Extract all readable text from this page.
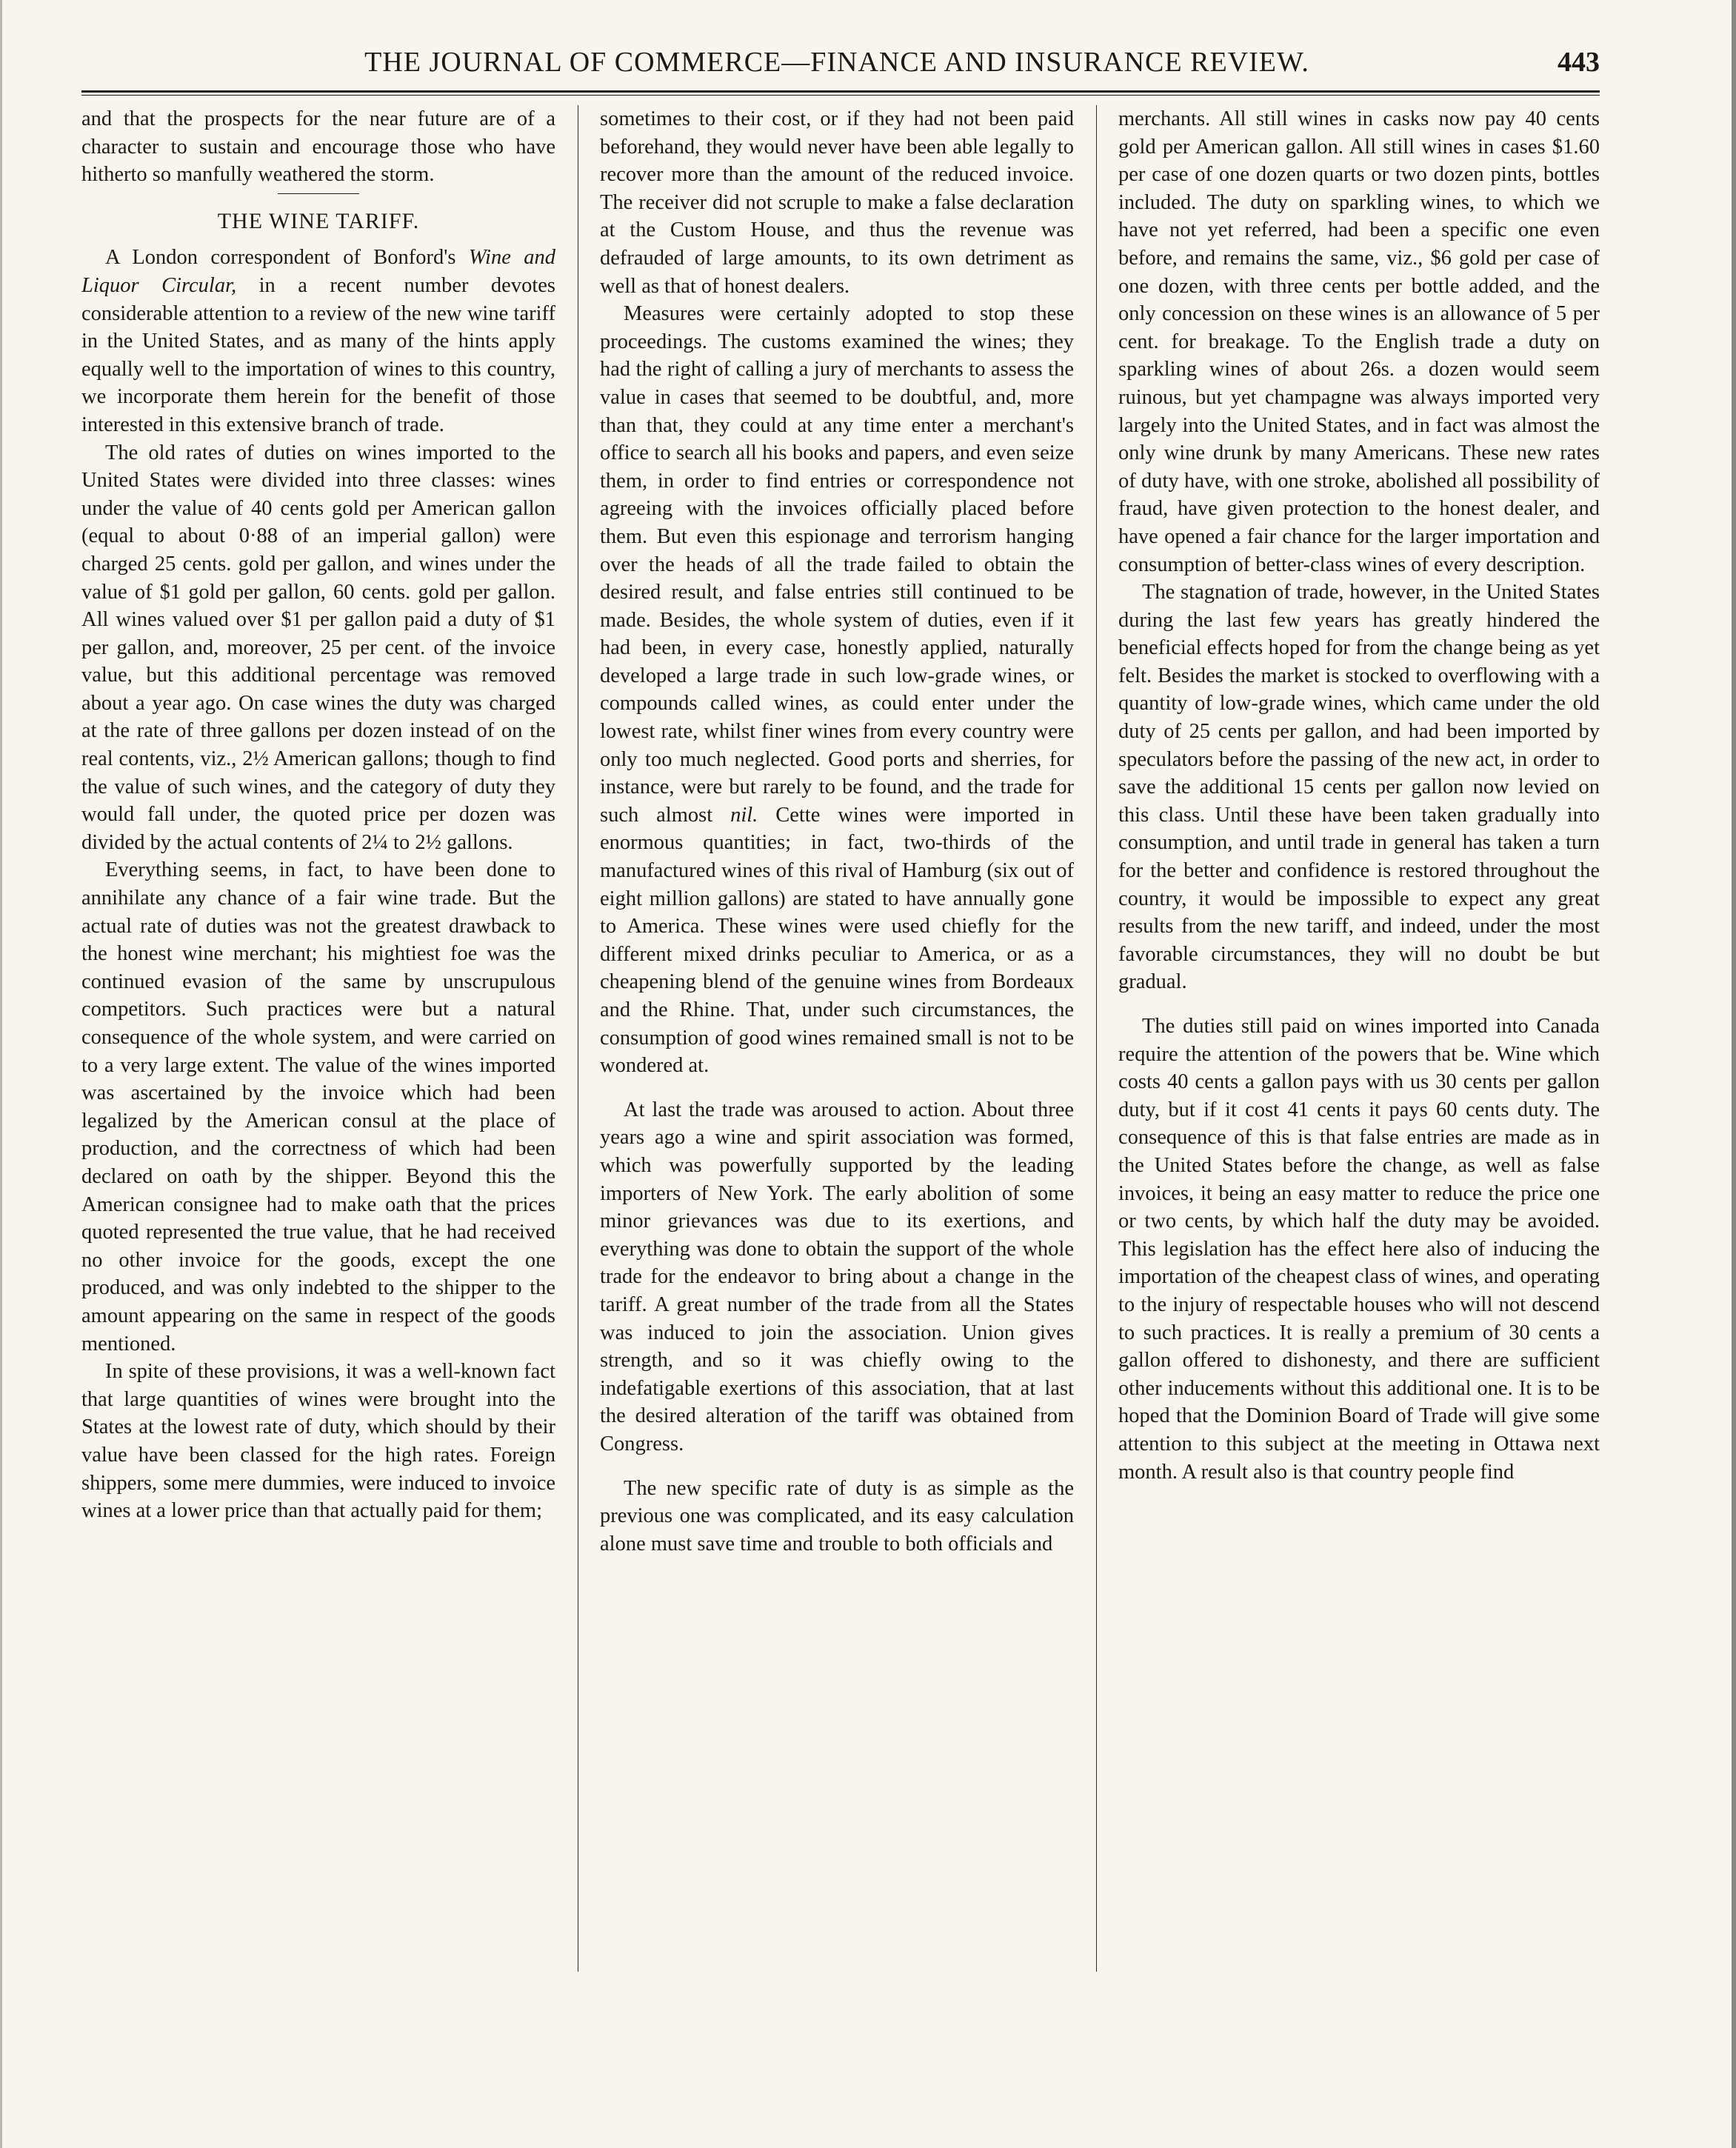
THE JOURNAL OF COMMERCE—FINANCE AND INSURANCE REVIEW.	443

and that the prospects for the near future are of a character to sustain and encourage those who have hitherto so manfully weathered the storm.

THE WINE TARIFF.

A London correspondent of Bonford's Wine and Liquor Circular, in a recent number devotes considerable attention to a review of the new wine tariff in the United States, and as many of the hints apply equally well to the importation of wines to this country, we incorporate them herein for the benefit of those interested in this extensive branch of trade.

The old rates of duties on wines imported to the United States were divided into three classes: wines under the value of 40 cents gold per American gallon (equal to about 0·88 of an imperial gallon) were charged 25 cents. gold per gallon, and wines under the value of $1 gold per gallon, 60 cents. gold per gallon. All wines valued over $1 per gallon paid a duty of $1 per gallon, and, moreover, 25 per cent. of the invoice value, but this additional percentage was removed about a year ago. On case wines the duty was charged at the rate of three gallons per dozen instead of on the real contents, viz., 2½ American gallons; though to find the value of such wines, and the category of duty they would fall under, the quoted price per dozen was divided by the actual contents of 2¼ to 2½ gallons.

Everything seems, in fact, to have been done to annihilate any chance of a fair wine trade. But the actual rate of duties was not the greatest drawback to the honest wine merchant; his mightiest foe was the continued evasion of the same by unscrupulous competitors. Such practices were but a natural consequence of the whole system, and were carried on to a very large extent. The value of the wines imported was ascertained by the invoice which had been legalized by the American consul at the place of production, and the correctness of which had been declared on oath by the shipper. Beyond this the American consignee had to make oath that the prices quoted represented the true value, that he had received no other invoice for the goods, except the one produced, and was only indebted to the shipper to the amount appearing on the same in respect of the goods mentioned.

In spite of these provisions, it was a well-known fact that large quantities of wines were brought into the States at the lowest rate of duty, which should by their value have been classed for the high rates. Foreign shippers, some mere dummies, were induced to invoice wines at a lower price than that actually paid for them;

sometimes to their cost, or if they had not been paid beforehand, they would never have been able legally to recover more than the amount of the reduced invoice. The receiver did not scruple to make a false declaration at the Custom House, and thus the revenue was defrauded of large amounts, to its own detriment as well as that of honest dealers.

Measures were certainly adopted to stop these proceedings. The customs examined the wines; they had the right of calling a jury of merchants to assess the value in cases that seemed to be doubtful, and, more than that, they could at any time enter a merchant's office to search all his books and papers, and even seize them, in order to find entries or correspondence not agreeing with the invoices officially placed before them. But even this espionage and terrorism hanging over the heads of all the trade failed to obtain the desired result, and false entries still continued to be made. Besides, the whole system of duties, even if it had been, in every case, honestly applied, naturally developed a large trade in such low-grade wines, or compounds called wines, as could enter under the lowest rate, whilst finer wines from every country were only too much neglected. Good ports and sherries, for instance, were but rarely to be found, and the trade for such almost nil. Cette wines were imported in enormous quantities; in fact, two-thirds of the manufactured wines of this rival of Hamburg (six out of eight million gallons) are stated to have annually gone to America. These wines were used chiefly for the different mixed drinks peculiar to America, or as a cheapening blend of the genuine wines from Bordeaux and the Rhine. That, under such circumstances, the consumption of good wines remained small is not to be wondered at.

At last the trade was aroused to action. About three years ago a wine and spirit association was formed, which was powerfully supported by the leading importers of New York. The early abolition of some minor grievances was due to its exertions, and everything was done to obtain the support of the whole trade for the endeavor to bring about a change in the tariff. A great number of the trade from all the States was induced to join the association. Union gives strength, and so it was chiefly owing to the indefatigable exertions of this association, that at last the desired alteration of the tariff was obtained from Congress.

The new specific rate of duty is as simple as the previous one was complicated, and its easy calculation alone must save time and trouble to both officials and

merchants. All still wines in casks now pay 40 cents gold per American gallon. All still wines in cases $1.60 per case of one dozen quarts or two dozen pints, bottles included. The duty on sparkling wines, to which we have not yet referred, had been a specific one even before, and remains the same, viz., $6 gold per case of one dozen, with three cents per bottle added, and the only concession on these wines is an allowance of 5 per cent. for breakage. To the English trade a duty on sparkling wines of about 26s. a dozen would seem ruinous, but yet champagne was always imported very largely into the United States, and in fact was almost the only wine drunk by many Americans. These new rates of duty have, with one stroke, abolished all possibility of fraud, have given protection to the honest dealer, and have opened a fair chance for the larger importation and consumption of better-class wines of every description.

The stagnation of trade, however, in the United States during the last few years has greatly hindered the beneficial effects hoped for from the change being as yet felt. Besides the market is stocked to overflowing with a quantity of low-grade wines, which came under the old duty of 25 cents per gallon, and had been imported by speculators before the passing of the new act, in order to save the additional 15 cents per gallon now levied on this class. Until these have been taken gradually into consumption, and until trade in general has taken a turn for the better and confidence is restored throughout the country, it would be impossible to expect any great results from the new tariff, and indeed, under the most favorable circumstances, they will no doubt be but gradual.

The duties still paid on wines imported into Canada require the attention of the powers that be. Wine which costs 40 cents a gallon pays with us 30 cents per gallon duty, but if it cost 41 cents it pays 60 cents duty. The consequence of this is that false entries are made as in the United States before the change, as well as false invoices, it being an easy matter to reduce the price one or two cents, by which half the duty may be avoided. This legislation has the effect here also of inducing the importation of the cheapest class of wines, and operating to the injury of respectable houses who will not descend to such practices. It is really a premium of 30 cents a gallon offered to dishonesty, and there are sufficient other inducements without this additional one. It is to be hoped that the Dominion Board of Trade will give some attention to this subject at the meeting in Ottawa next month. A result also is that country people find
